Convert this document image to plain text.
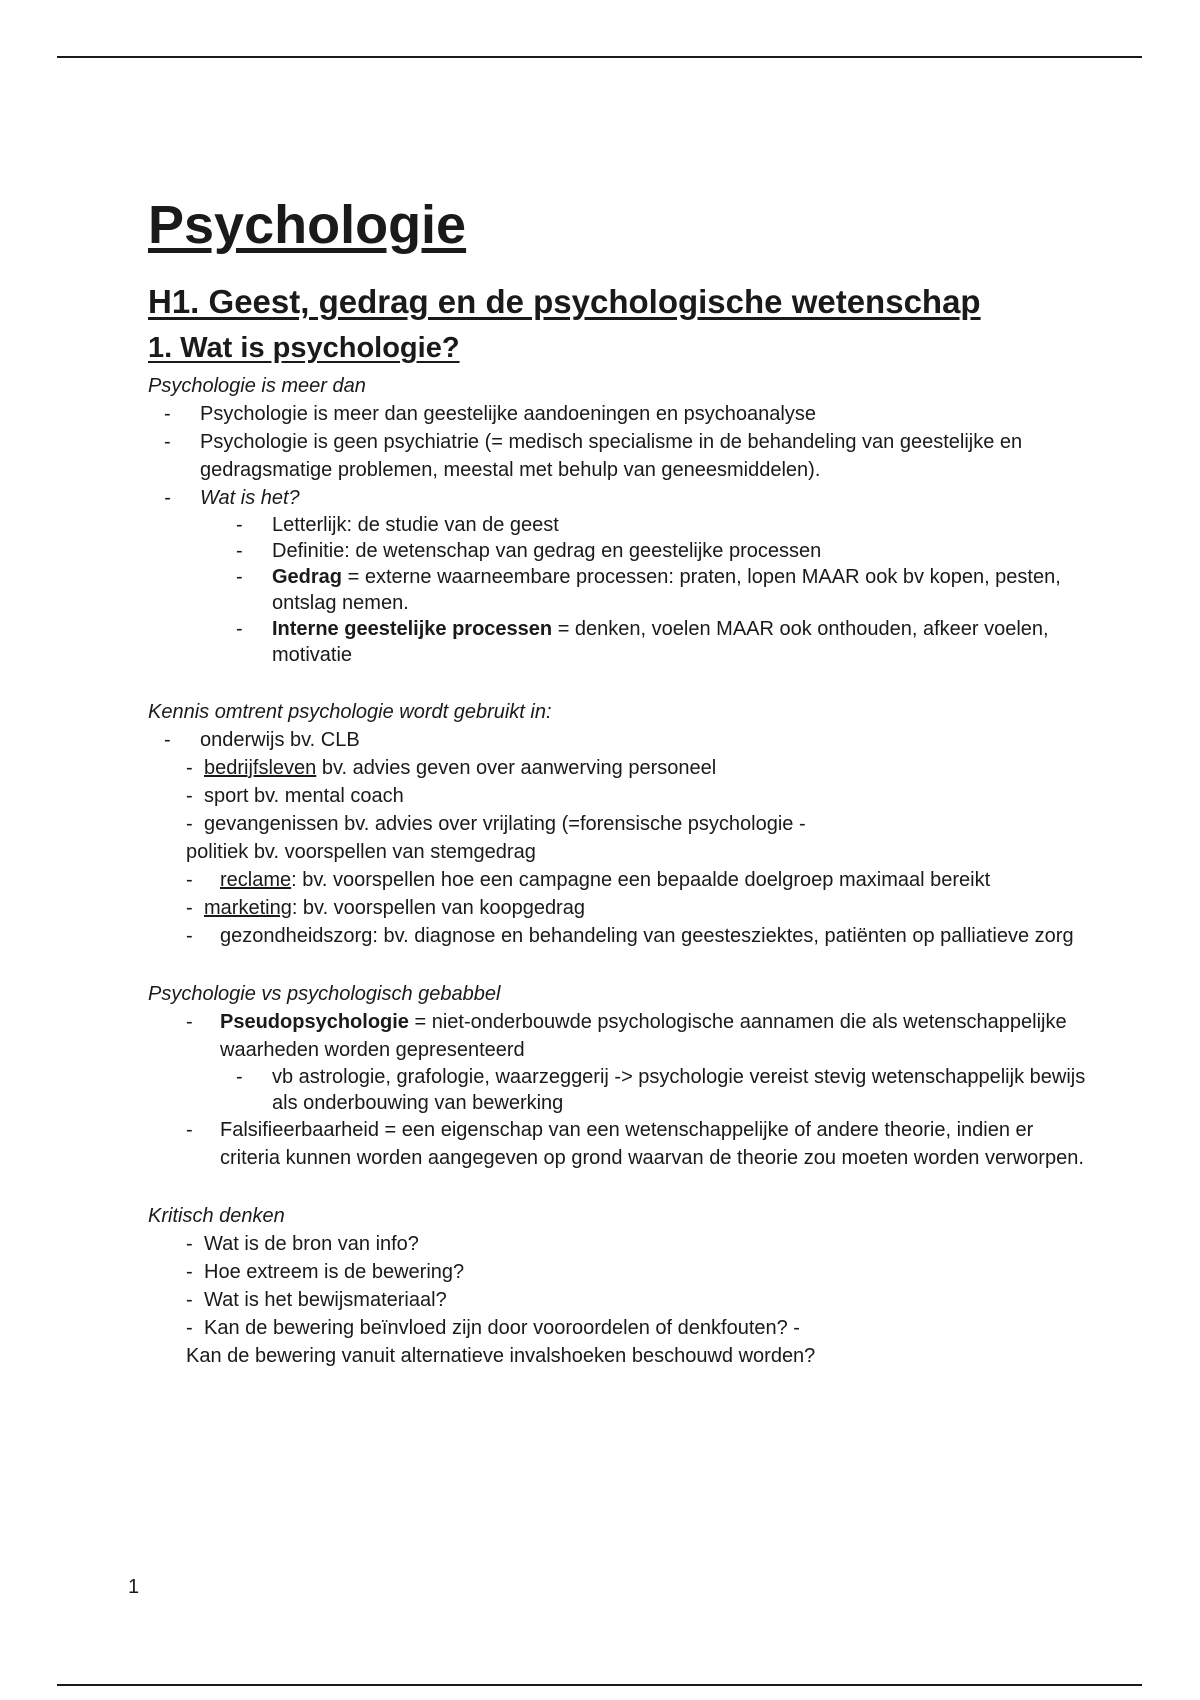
Psychologie
H1. Geest, gedrag en de psychologische wetenschap
1. Wat is psychologie?

Psychologie is meer dan

- Psychologie is meer dan geestelijke aandoeningen en psychoanalyse
- Psychologie is geen psychiatrie (= medisch specialisme in de behandeling van geestelijke en gedragsmatige problemen, meestal met behulp van geneesmiddelen).
- Wat is het?
- Letterlijk: de studie van de geest
- Definitie: de wetenschap van gedrag en geestelijke processen
- Gedrag = externe waarneembare processen: praten, lopen MAAR ook bv kopen, pesten, ontslag nemen.
- Interne geestelijke processen = denken, voelen MAAR ook onthouden, afkeer voelen, motivatie

Kennis omtrent psychologie wordt gebruikt in:

- onderwijs bv. CLB
- bedrijfsleven bv. advies geven over aanwerving personeel
- sport bv. mental coach
- gevangenissen bv. advies over vrijlating (=forensische psychologie -
politiek bv. voorspellen van stemgedrag
- reclame: bv. voorspellen hoe een campagne een bepaalde doelgroep maximaal bereikt
- marketing: bv. voorspellen van koopgedrag
- gezondheidszorg: bv. diagnose en behandeling van geestesziektes, patiënten op palliatieve zorg

Psychologie vs psychologisch gebabbel

- Pseudopsychologie = niet-onderbouwde psychologische aannamen die als wetenschappelijke waarheden worden gepresenteerd
- vb astrologie, grafologie, waarzeggerij -> psychologie vereist stevig wetenschappelijk bewijs als onderbouwing van bewerking
- Falsifieerbaarheid = een eigenschap van een wetenschappelijke of andere theorie, indien er criteria kunnen worden aangegeven op grond waarvan de theorie zou moeten worden verworpen.

Kritisch denken

- Wat is de bron van info?
- Hoe extreem is de bewering?
- Wat is het bewijsmateriaal?
- Kan de bewering beïnvloed zijn door vooroordelen of denkfouten? -
Kan de bewering vanuit alternatieve invalshoeken beschouwd worden?
1
